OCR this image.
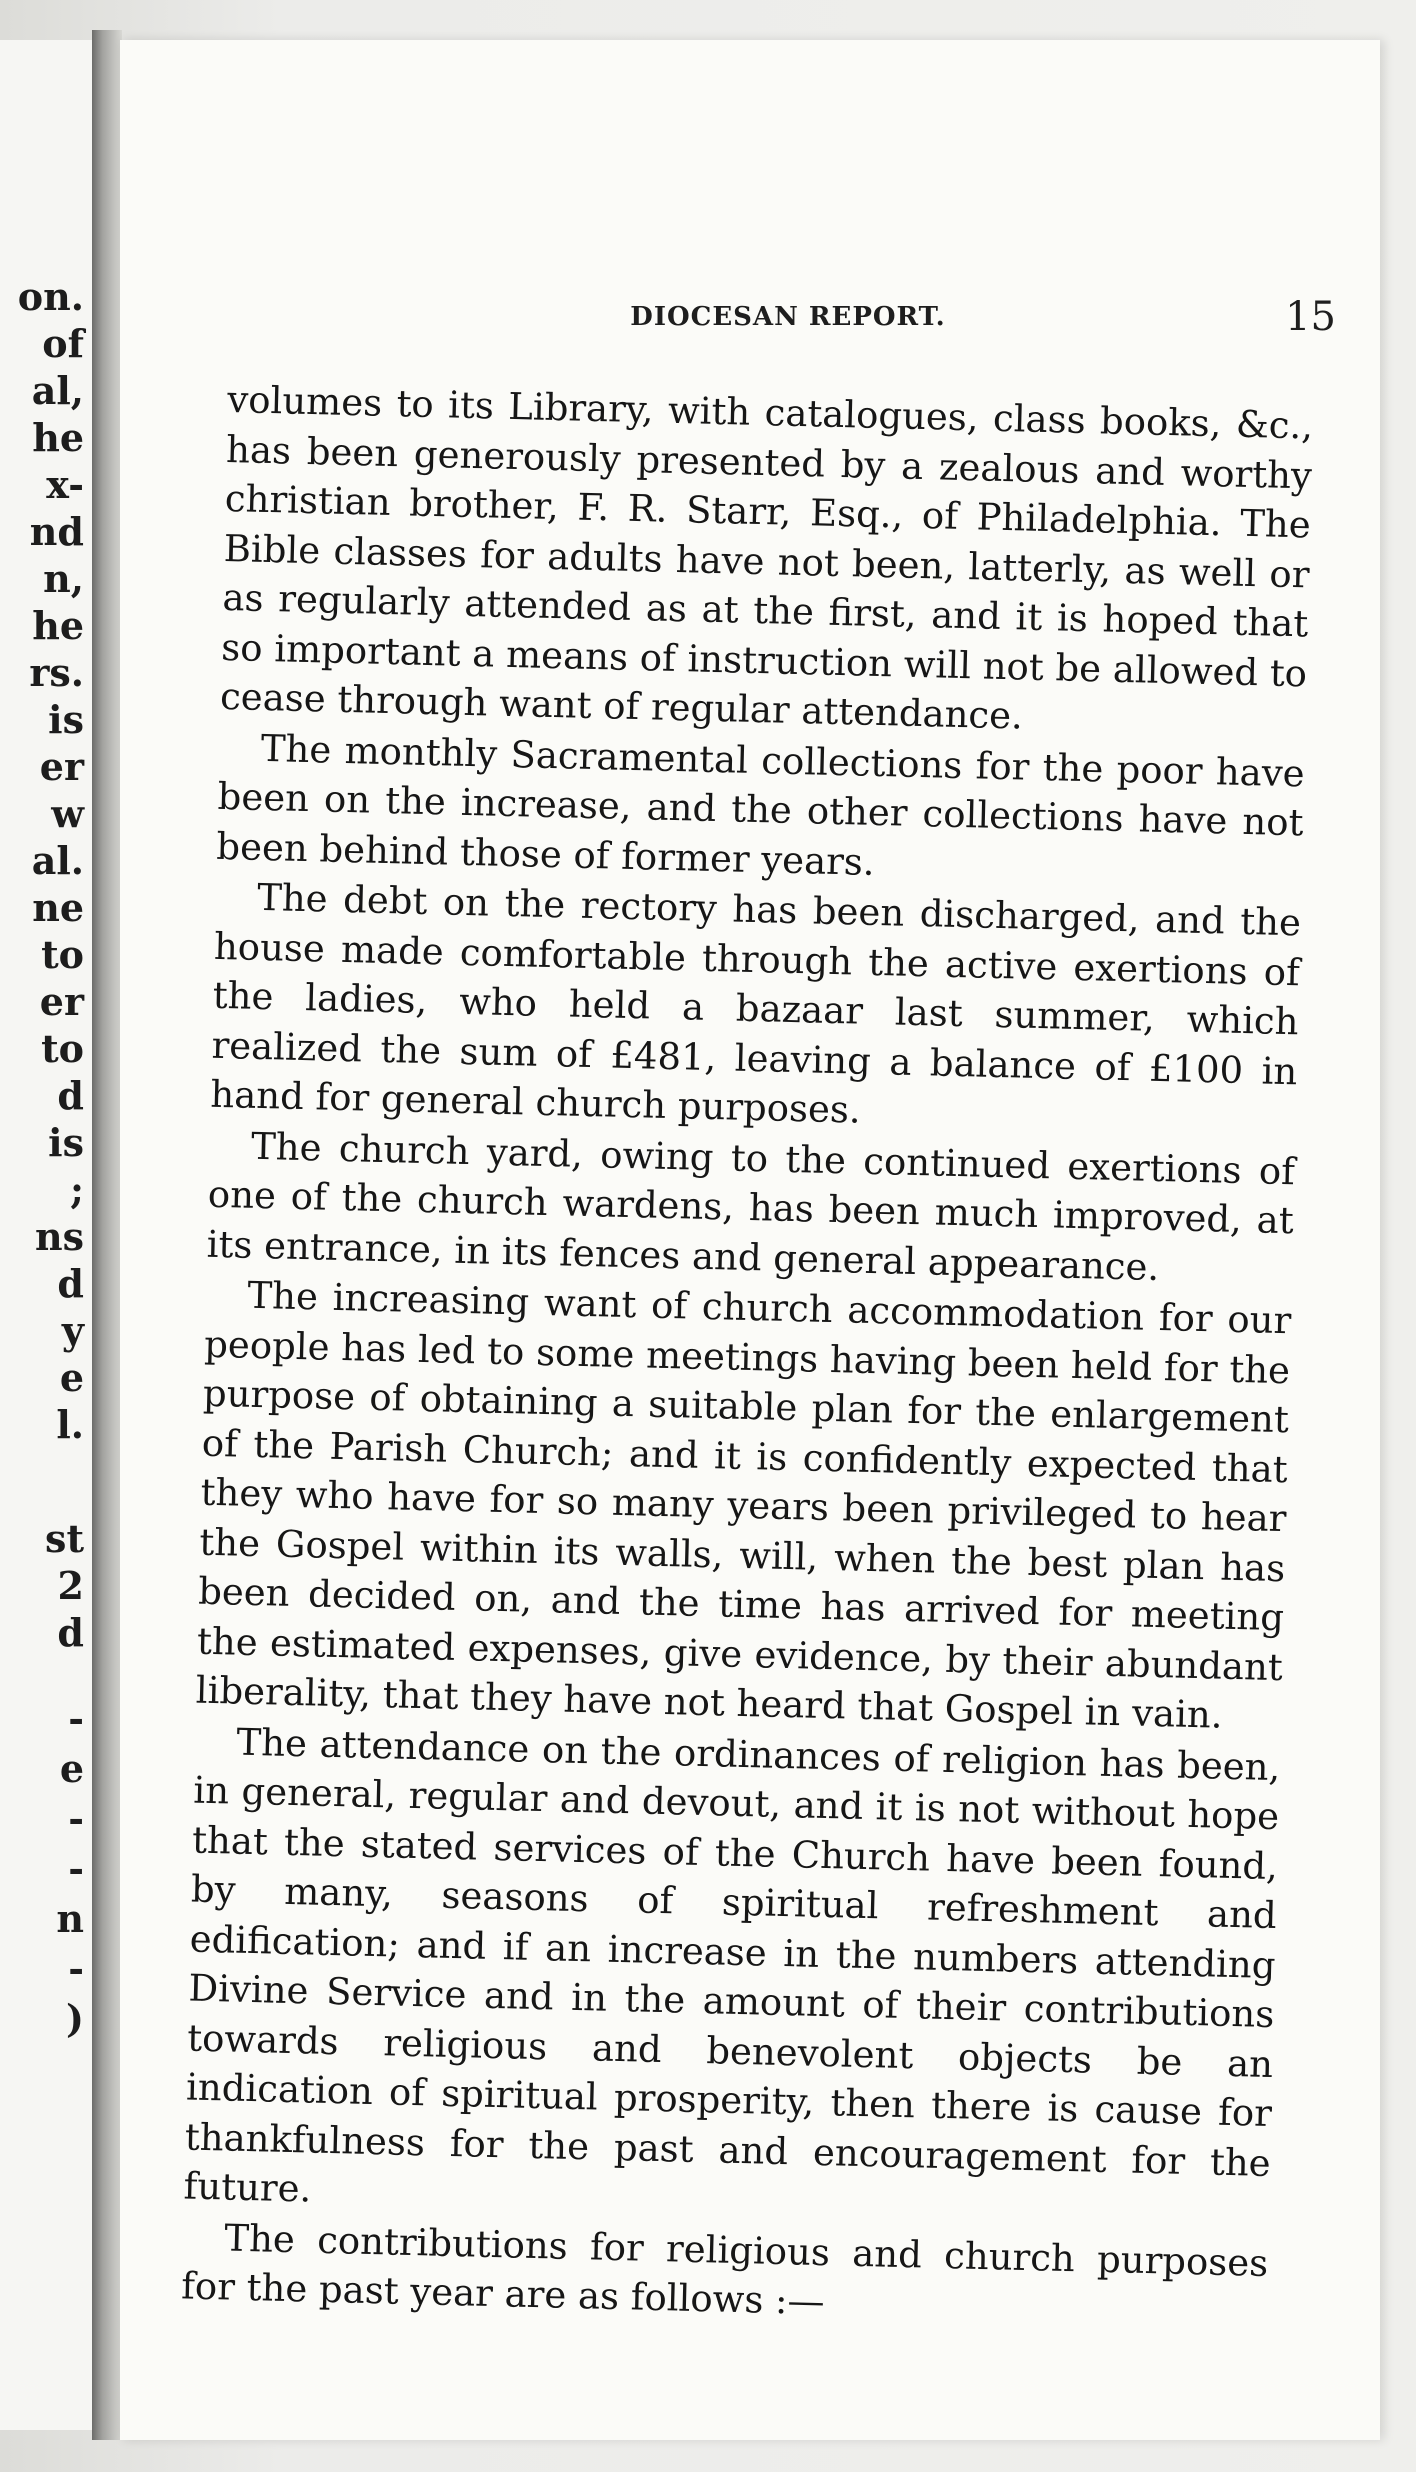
on.
of
al,
he
x-
nd
n,
he
rs.
is
er
w
al.
ne
to
er
to
d
is
;
ns
d
y
e
l.
st
2
d
-
e
-
-
n
-
)
DIOCESAN REPORT.	15

volumes to its Library, with catalogues, class books, &c., has been generously presented by a zealous and worthy christian brother, F. R. Starr, Esq., of Philadelphia. The Bible classes for adults have not been, latterly, as well or as regularly attended as at the first, and it is hoped that so important a means of instruction will not be allowed to cease through want of regular attendance.

The monthly Sacramental collections for the poor have been on the increase, and the other collections have not been behind those of former years.

The debt on the rectory has been discharged, and the house made comfortable through the active exertions of the ladies, who held a bazaar last summer, which realized the sum of £481, leaving a balance of £100 in hand for general church purposes.

The church yard, owing to the continued exertions of one of the church wardens, has been much improved, at its entrance, in its fences and general appearance.

The increasing want of church accommodation for our people has led to some meetings having been held for the purpose of obtaining a suitable plan for the enlargement of the Parish Church; and it is confidently expected that they who have for so many years been privileged to hear the Gospel within its walls, will, when the best plan has been decided on, and the time has arrived for meeting the estimated expenses, give evidence, by their abundant liberality, that they have not heard that Gospel in vain.

The attendance on the ordinances of religion has been, in general, regular and devout, and it is not without hope that the stated services of the Church have been found, by many, seasons of spiritual refreshment and edification; and if an increase in the numbers attending Divine Service and in the amount of their contributions towards religious and benevolent objects be an indication of spiritual prosperity, then there is cause for thankfulness for the past and encouragement for the future.

The contributions for religious and church purposes for the past year are as follows :—
